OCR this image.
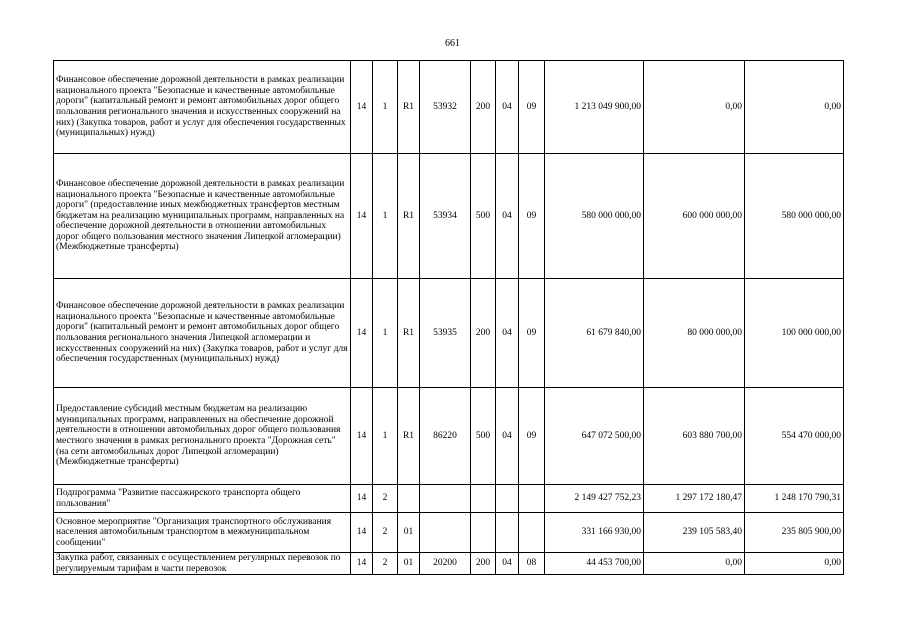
661
Финансовое обеспечение дорожной деятельности в рамках реализации национального проекта "Безопасные и качественные автомобильные дороги" (капитальный ремонт и ремонт автомобильных дорог общего пользования регионального значения и искусственных сооружений на них) (Закупка товаров, работ и услуг для обеспечения государственных (муниципальных) нужд)	14	1	R1	53932	200	04	09	1 213 049 900,00	0,00	0,00
Финансовое обеспечение дорожной деятельности в рамках реализации национального проекта "Безопасные и качественные автомобильные дороги" (предоставление иных межбюджетных трансфертов местным бюджетам на реализацию муниципальных программ, направленных на обеспечение дорожной деятельности в отношении автомобильных дорог общего пользования местного значения Липецкой агломерации) (Межбюджетные трансферты)	14	1	R1	53934	500	04	09	580 000 000,00	600 000 000,00	580 000 000,00
Финансовое обеспечение дорожной деятельности в рамках реализации национального проекта "Безопасные и качественные автомобильные дороги" (капитальный ремонт и ремонт автомобильных дорог общего пользования регионального значения Липецкой агломерации и искусственных сооружений на них) (Закупка товаров, работ и услуг для обеспечения государственных (муниципальных) нужд)	14	1	R1	53935	200	04	09	61 679 840,00	80 000 000,00	100 000 000,00
Предоставление субсидий местным бюджетам на реализацию муниципальных программ, направленных на обеспечение дорожной деятельности в отношении автомобильных дорог общего пользования местного значения в рамках регионального проекта "Дорожная сеть" (на сети автомобильных дорог Липецкой агломерации) (Межбюджетные трансферты)	14	1	R1	86220	500	04	09	647 072 500,00	603 880 700,00	554 470 000,00
Подпрограмма "Развитие пассажирского транспорта общего пользования"	14	2						2 149 427 752,23	1 297 172 180,47	1 248 170 790,31
Основное мероприятие "Организация транспортного обслуживания населения автомобильным транспортом в межмуниципальном сообщении"	14	2	01					331 166 930,00	239 105 583,40	235 805 900,00
Закупка работ, связанных с осуществлением регулярных перевозок по регулируемым тарифам в части перевозок	14	2	01	20200	200	04	08	44 453 700,00	0,00	0,00
